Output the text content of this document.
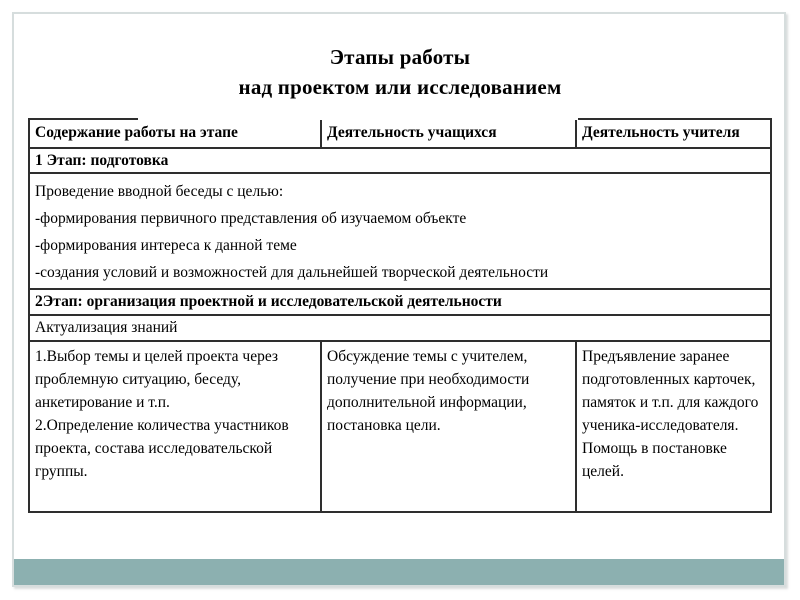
Этапы работы
над проектом или исследованием
Содержание работы на этапе	Деятельность учащихся	Деятельность учителя
1 Этап: подготовка
Проведение вводной беседы с целью:
-формирования первичного представления об изучаемом объекте
-формирования интереса к данной теме
-создания условий и возможностей для дальнейшей творческой деятельности
2Этап: организация проектной и исследовательской деятельности
Актуализация знаний

1.Выбор темы и целей проекта через проблемную ситуацию, беседу, анкетирование и т.п.

2.Определение количества участников проекта, состава исследовательской группы.

Обсуждение темы с учителем, получение при необходимости дополнительной информации, постановка цели.
Предъявление заранее подготовленных карточек, памяток и т.п. для каждого ученика-исследователя. Помощь в постановке целей.
